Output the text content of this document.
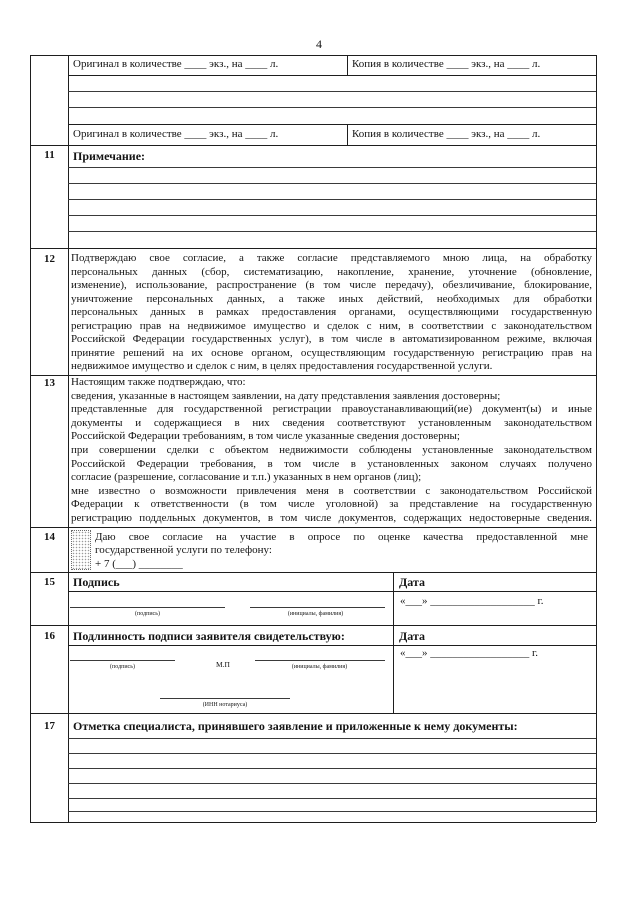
4
Оригинал в количестве ____ экз., на ____ л.	Копия в количестве ____ экз., на ____ л.
Оригинал в количестве ____ экз., на ____ л.	Копия в количестве ____ экз., на ____ л.
11	Примечание:
12	Подтверждаю свое согласие, а также согласие представляемого мною лица, на обработку
персональных данных (сбор, систематизацию, накопление, хранение, уточнение (обновление,
изменение), использование, распространение (в том числе передачу), обезличивание, блокирование,
уничтожение персональных данных, а также иных действий, необходимых для обработки
персональных данных в рамках предоставления органами, осуществляющими государственную
регистрацию прав на недвижимое имущество и сделок с ним, в соответствии с законодательством
Российской Федерации государственных услуг), в том числе в автоматизированном режиме, включая
принятие решений на их основе органом, осуществляющим государственную регистрацию прав на
недвижимое имущество и сделок с ним, в целях предоставления государственной услуги.
13	Настоящим также подтверждаю, что:
сведения, указанные в настоящем заявлении, на дату представления заявления достоверны;
представленные для государственной регистрации правоустанавливающий(ие) документ(ы) и иные
документы и содержащиеся в них сведения соответствуют установленным законодательством
Российской Федерации требованиям, в том числе указанные сведения достоверны;
при совершении сделки с объектом недвижимости соблюдены установленные законодательством
Российской Федерации требования, в том числе в установленных законом случаях получено
согласие (разрешение, согласование и т.п.) указанных в нем органов (лиц);
мне известно о возможности привлечения меня в соответствии с законодательством Российской
Федерации к ответственности (в том числе уголовной) за представление на государственную
регистрацию поддельных документов, в том числе документов, содержащих недостоверные сведения.
14	Даю свое согласие на участие в опросе по оценке качества предоставленной мне
государственной услуги по телефону:
+ 7 (___) ________
15	Подпись	Дата
(подпись)	(инициалы, фамилия)
«___» ___________________ г.
16	Подлинность подписи заявителя свидетельствую:	Дата
(подпись)	М.П	(инициалы, фамилия)
(ИНН нотариуса)
«___» __________________ г.
17	Отметка специалиста, принявшего заявление и приложенные к нему документы:
